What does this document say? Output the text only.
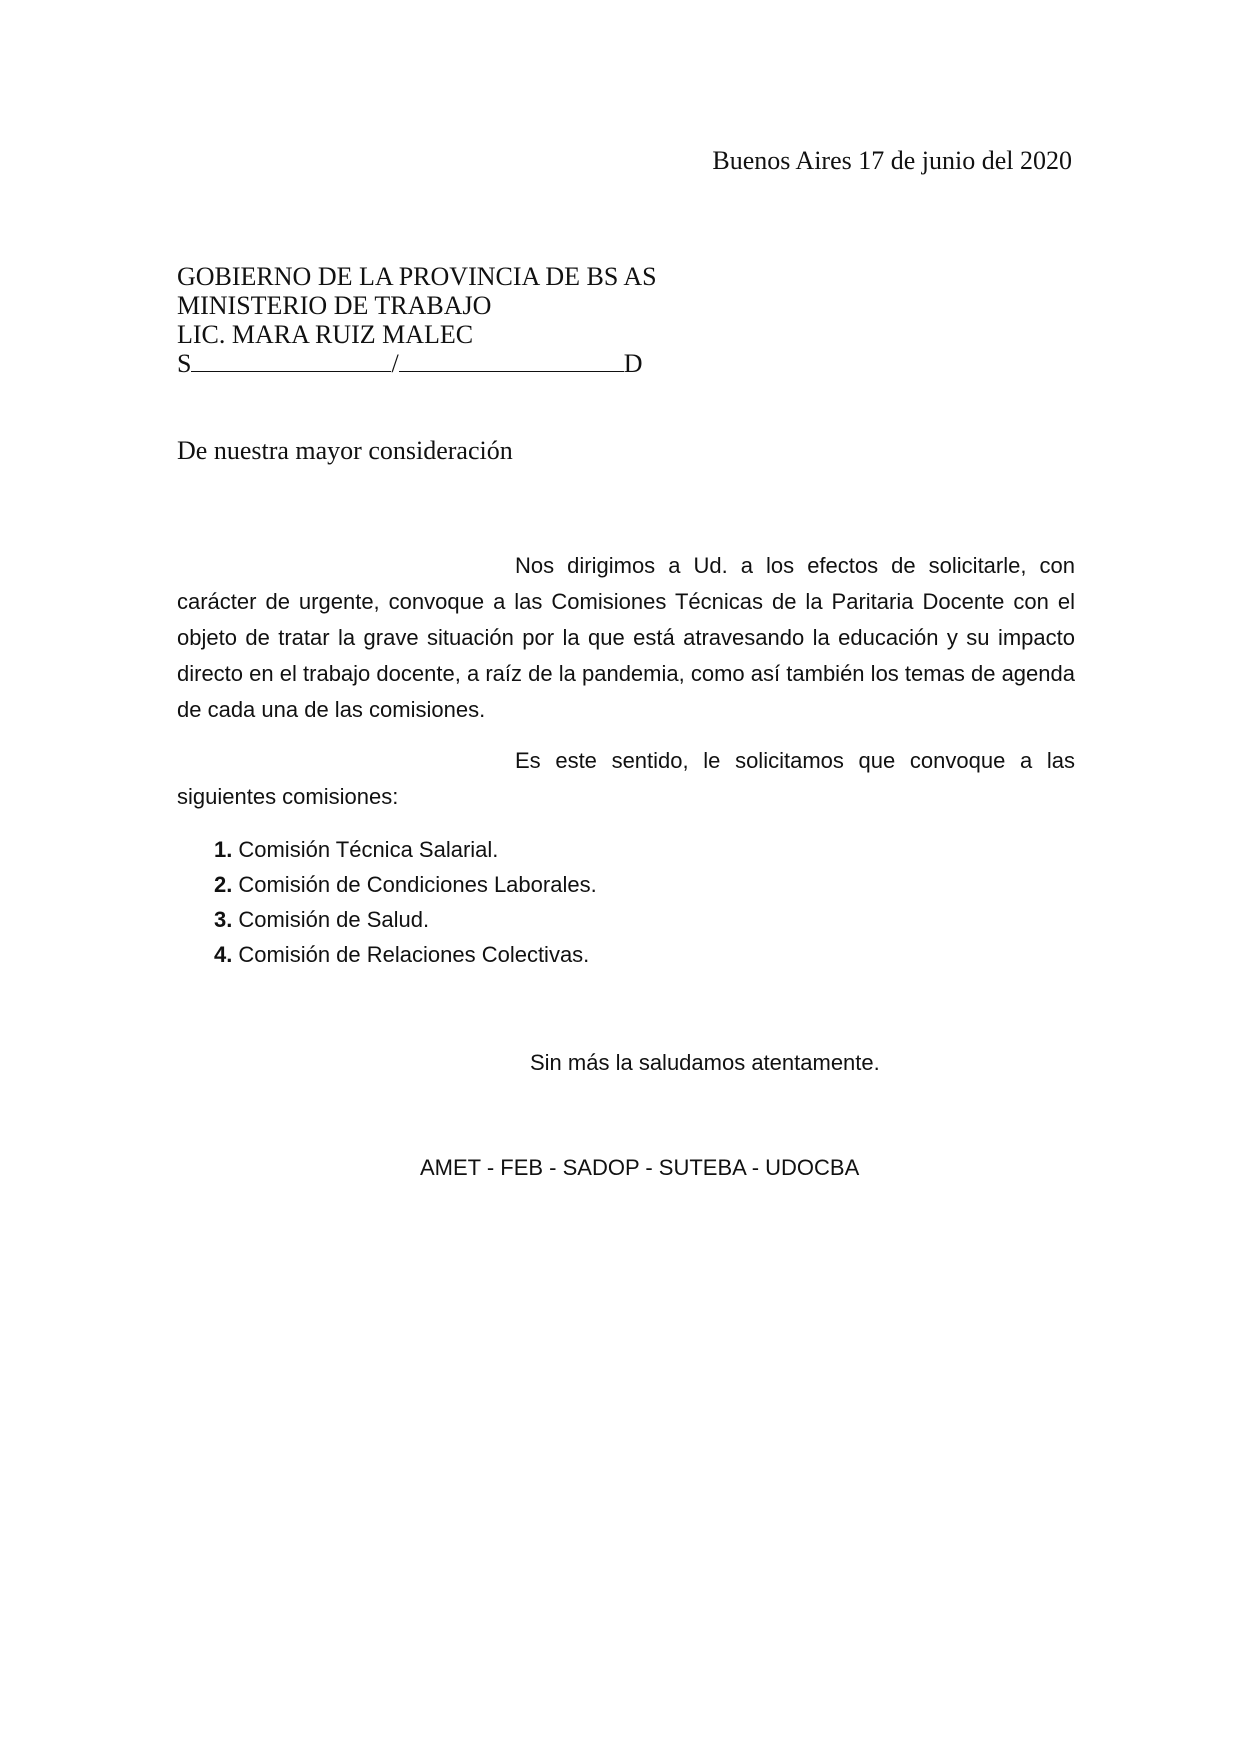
Buenos Aires 17 de junio del 2020
GOBIERNO DE LA PROVINCIA DE BS AS
MINISTERIO DE TRABAJO
LIC. MARA RUIZ MALEC
S	/	D
De nuestra mayor consideración

Nos dirigimos a Ud. a los efectos de solicitarle, con carácter de urgente, convoque a las Comisiones Técnicas de la Paritaria Docente con el objeto de tratar la grave situación por la que está atravesando la educación y su impacto directo en el trabajo docente, a raíz de la pandemia, como así también los temas de agenda de cada una de las comisiones.

Es este sentido, le solicitamos que convoque a las siguientes comisiones:

1. Comisión Técnica Salarial.
2. Comisión de Condiciones Laborales.
3. Comisión de Salud.
4. Comisión de Relaciones Colectivas.
Sin más la saludamos atentamente.
AMET - FEB - SADOP - SUTEBA - UDOCBA
